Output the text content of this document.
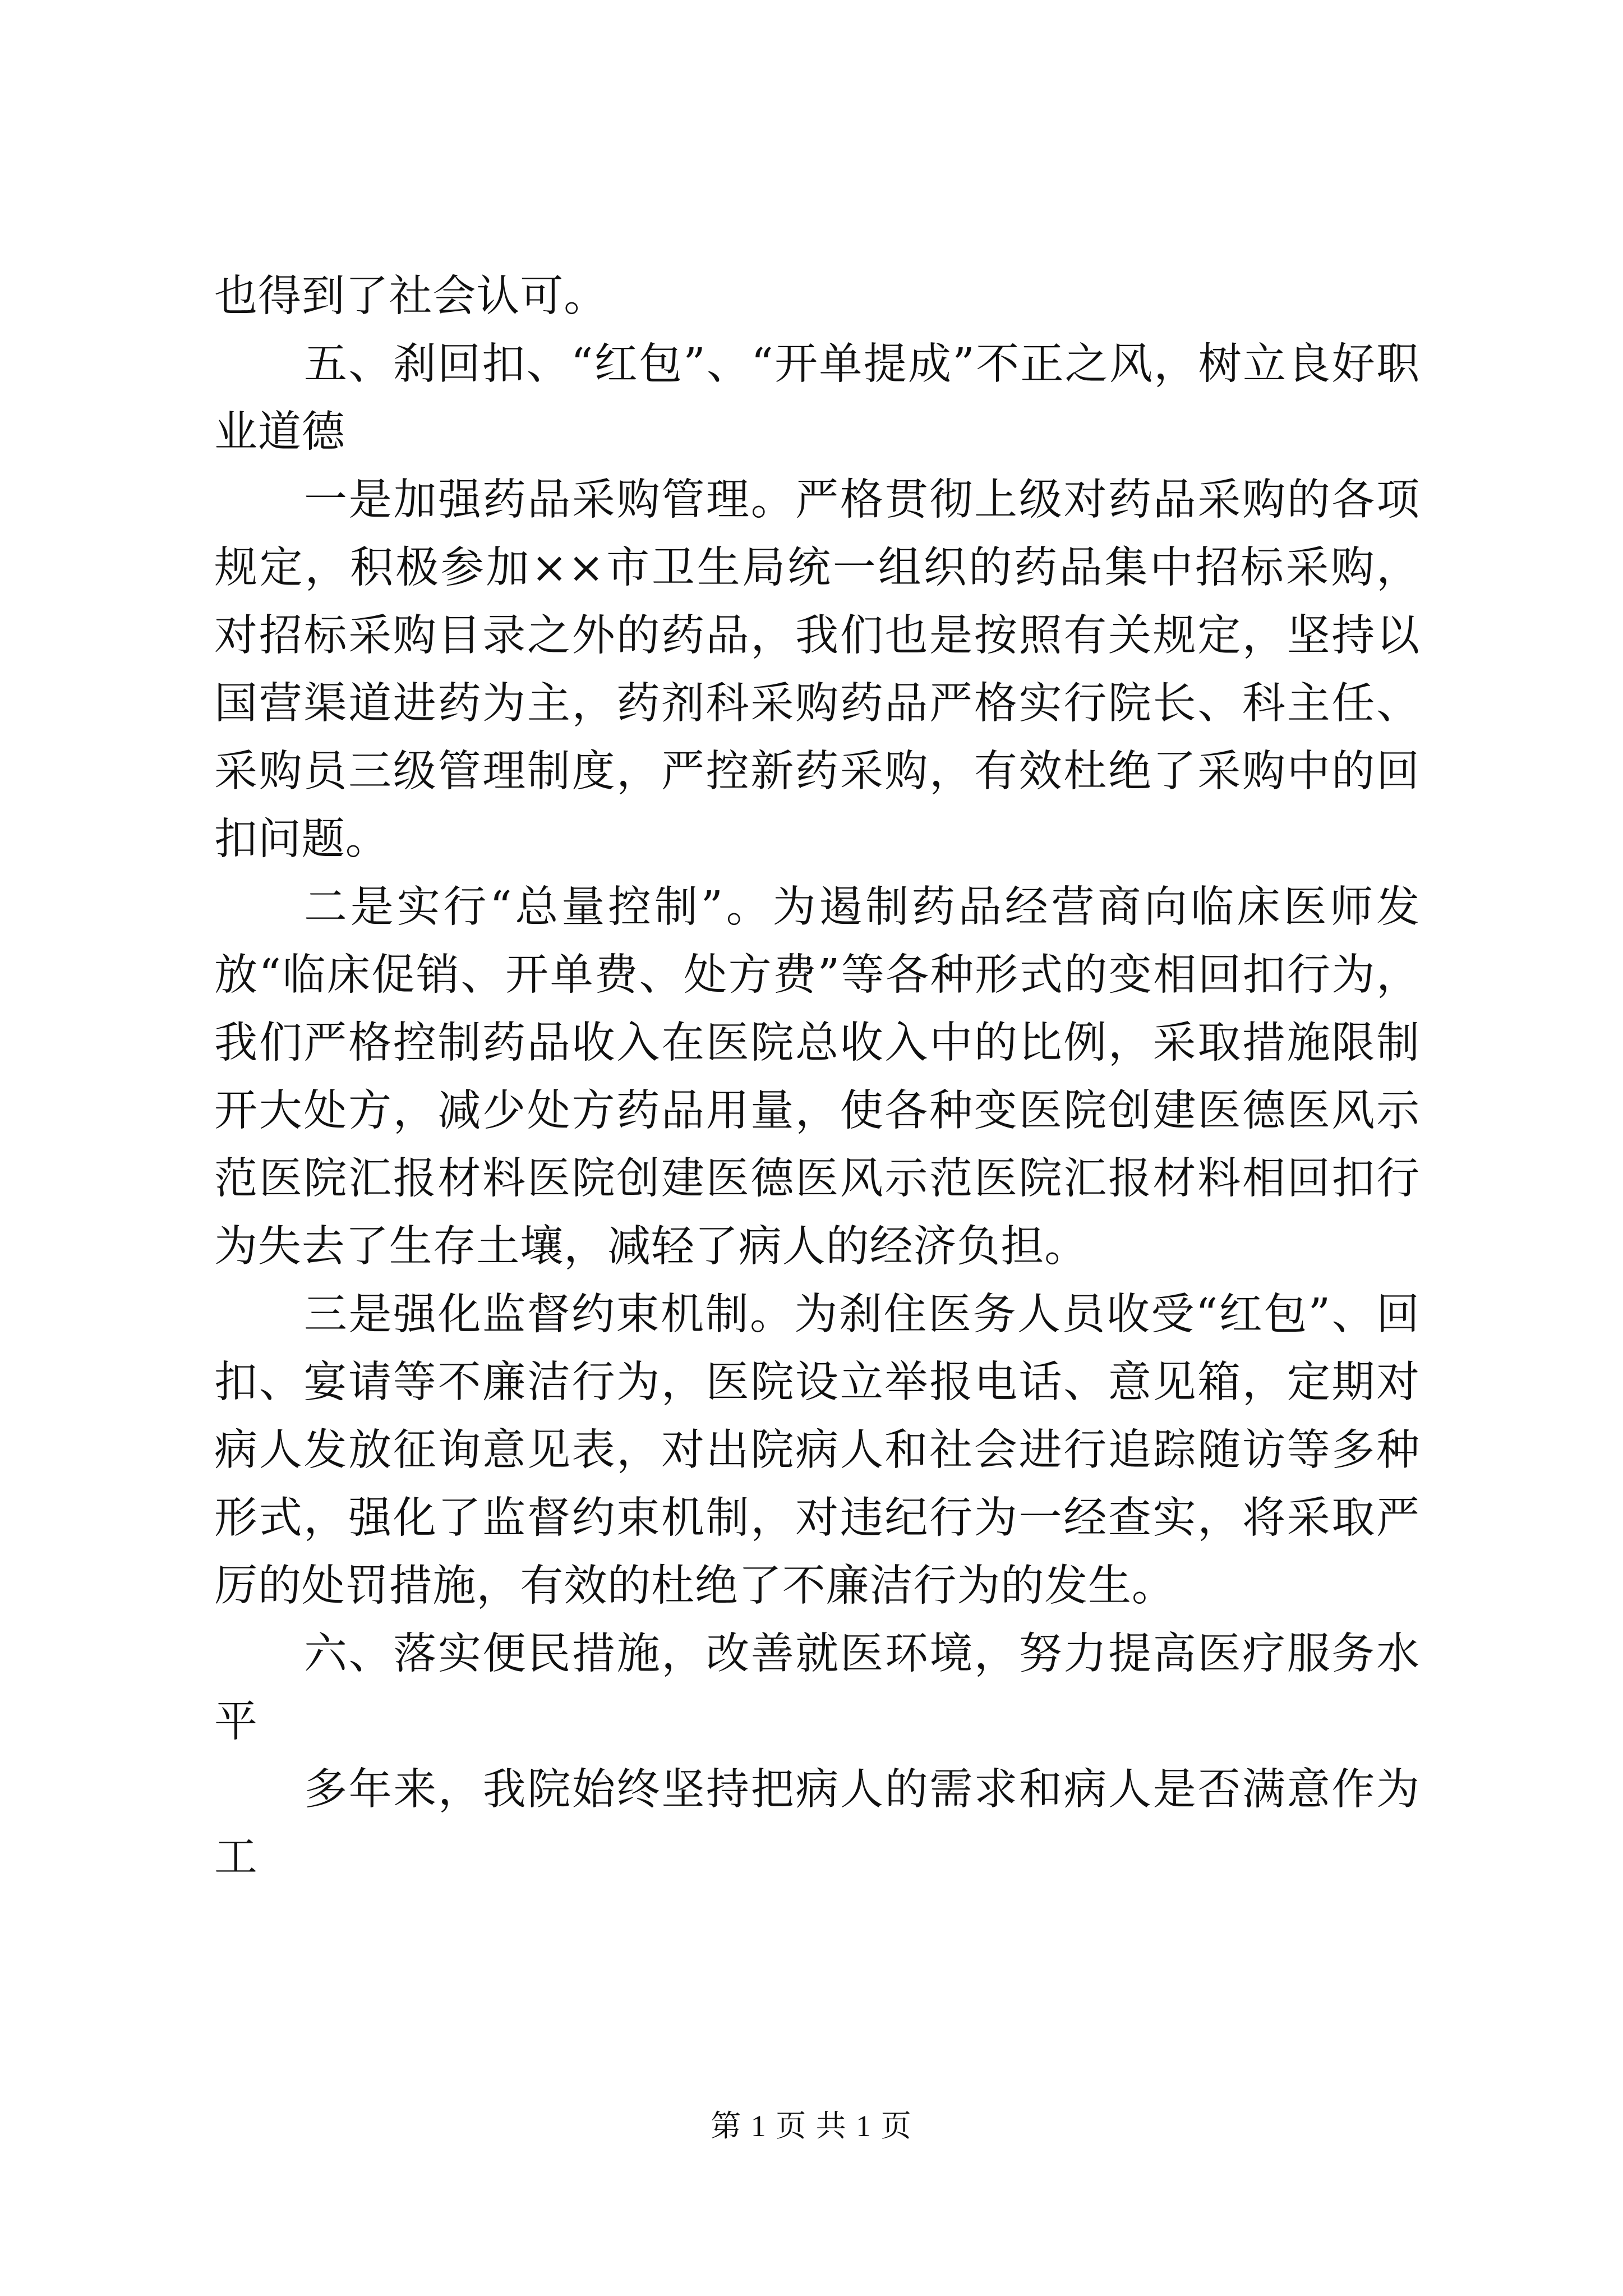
也得到了社会认可。

五、刹回扣、“红包”、“开单提成”不正之风，树立良好职业道德

一是加强药品采购管理。严格贯彻上级对药品采购的各项规定，积极参加××市卫生局统一组织的药品集中招标采购，对招标采购目录之外的药品，我们也是按照有关规定，坚持以国营渠道进药为主，药剂科采购药品严格实行院长、科主任、采购员三级管理制度，严控新药采购，有效杜绝了采购中的回扣问题。

二是实行“总量控制”。为遏制药品经营商向临床医师发放“临床促销、开单费、处方费”等各种形式的变相回扣行为，我们严格控制药品收入在医院总收入中的比例，采取措施限制开大处方，减少处方药品用量，使各种变医院创建医德医风示范医院汇报材料医院创建医德医风示范医院汇报材料相回扣行为失去了生存土壤，减轻了病人的经济负担。

三是强化监督约束机制。为刹住医务人员收受“红包”、回扣、宴请等不廉洁行为，医院设立举报电话、意见箱，定期对病人发放征询意见表，对出院病人和社会进行追踪随访等多种形式，强化了监督约束机制，对违纪行为一经查实，将采取严厉的处罚措施，有效的杜绝了不廉洁行为的发生。

六、落实便民措施，改善就医环境，努力提高医疗服务水平

多年来，我院始终坚持把病人的需求和病人是否满意作为工

第 1 页 共 1 页
